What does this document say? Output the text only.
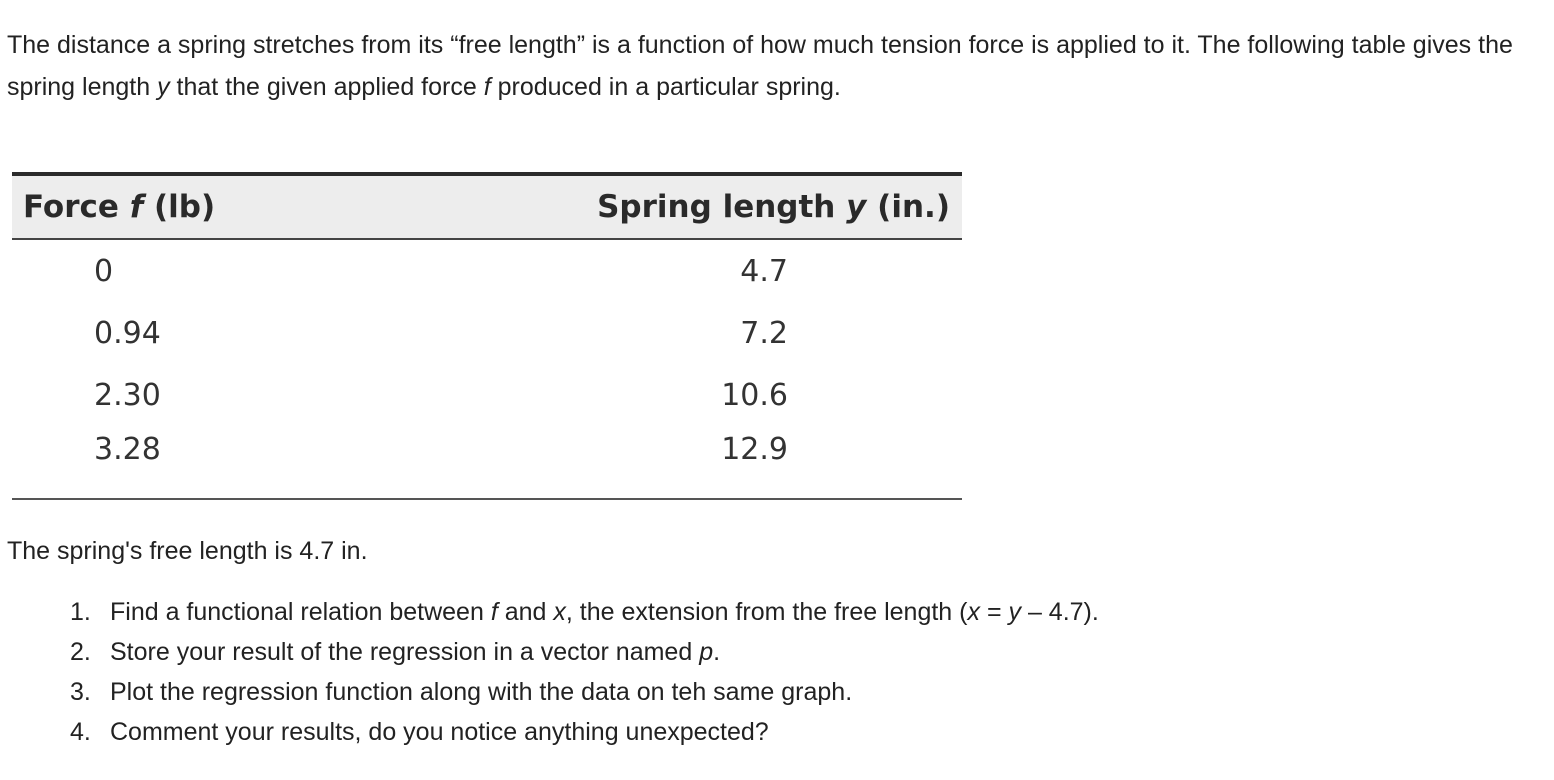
The distance a spring stretches from its “free length” is a function of how much tension force is applied to it. The following table gives the spring length y that the given applied force f produced in a particular spring.

Force f (lb)	Spring length y (in.)
0	4.7
0.94	7.2
2.30	10.6
3.28	12.9

The spring's free length is 4.7 in.

1. Find a functional relation between f and x, the extension from the free length (x = y – 4.7).
2. Store your result of the regression in a vector named p.
3. Plot the regression function along with the data on teh same graph.
4. Comment your results, do you notice anything unexpected?
